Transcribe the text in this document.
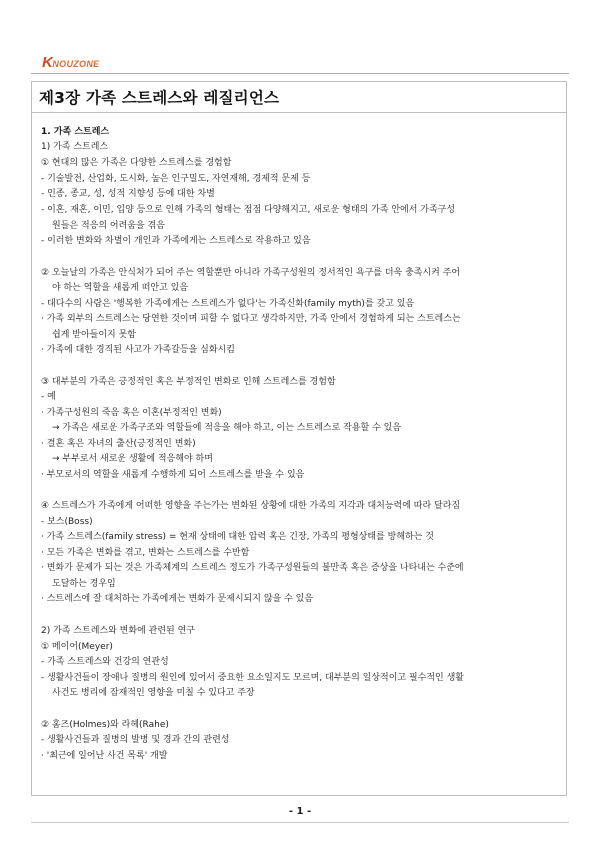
K NOUZONE
제3장 가족 스트레스와 레질리언스
1. 가족 스트레스
1) 가족 스트레스
① 현대의 많은 가족은 다양한 스트레스를 경험함
- 기술발전, 산업화, 도시화, 높은 인구밀도, 자연재해, 경제적 문제 등
- 인종, 종교, 성, 성적 지향성 등에 대한 차별
- 이혼, 재혼, 이민, 입양 등으로 인해 가족의 형태는 점점 다양해지고, 새로운 형태의 가족 안에서 가족구성
원들은 적응의 어려움을 겪음
- 이러한 변화와 차별이 개인과 가족에게는 스트레스로 작용하고 있음
② 오늘날의 가족은 안식처가 되어 주는 역할뿐만 아니라 가족구성원의 정서적인 욕구를 더욱 충족시켜 주어
야 하는 역할을 새롭게 떠안고 있음
- 대다수의 사람은 '행복한 가족에게는 스트레스가 없다'는 가족신화(family myth)를 갖고 있음
· 가족 외부의 스트레스는 당연한 것이며 피할 수 없다고 생각하지만, 가족 안에서 경험하게 되는 스트레스는
쉽게 받아들이지 못함
· 가족에 대한 경직된 사고가 가족갈등을 심화시킴
③ 대부분의 가족은 긍정적인 혹은 부정적인 변화로 인해 스트레스를 경험함
- 예
· 가족구성원의 죽음 혹은 이혼(부정적인 변화)
→ 가족은 새로운 가족구조와 역할들에 적응을 해야 하고, 이는 스트레스로 작용할 수 있음
· 결혼 혹은 자녀의 출산(긍정적인 변화)
→ 부부로서 새로운 생활에 적응해야 하며
· 부모로서의 역할을 새롭게 수행하게 되어 스트레스를 받을 수 있음
④ 스트레스가 가족에게 어떠한 영향을 주는가는 변화된 상황에 대한 가족의 지각과 대처능력에 따라 달라짐
- 보스(Boss)
· 가족 스트레스(family stress) = 현재 상태에 대한 압력 혹은 긴장, 가족의 평형상태를 방해하는 것
· 모든 가족은 변화를 겪고, 변화는 스트레스를 수반함
· 변화가 문제가 되는 것은 가족체계의 스트레스 정도가 가족구성원들의 불만족 혹은 증상을 나타내는 수준에
도달하는 경우임
· 스트레스에 잘 대처하는 가족에게는 변화가 문제시되지 않을 수 있음
2) 가족 스트레스와 변화에 관련된 연구
① 메이어(Meyer)
- 가족 스트레스와 건강의 연관성
- 생활사건들이 장애나 질병의 원인에 있어서 중요한 요소일지도 모르며, 대부분의 일상적이고 필수적인 생활
사건도 병리에 잠재적인 영향을 미칠 수 있다고 주장
② 홈즈(Holmes)와 라헤(Rahe)
- 생활사건들과 질병의 발병 및 경과 간의 관련성
· '최근에 일어난 사건 목록' 개발
- 1 -
